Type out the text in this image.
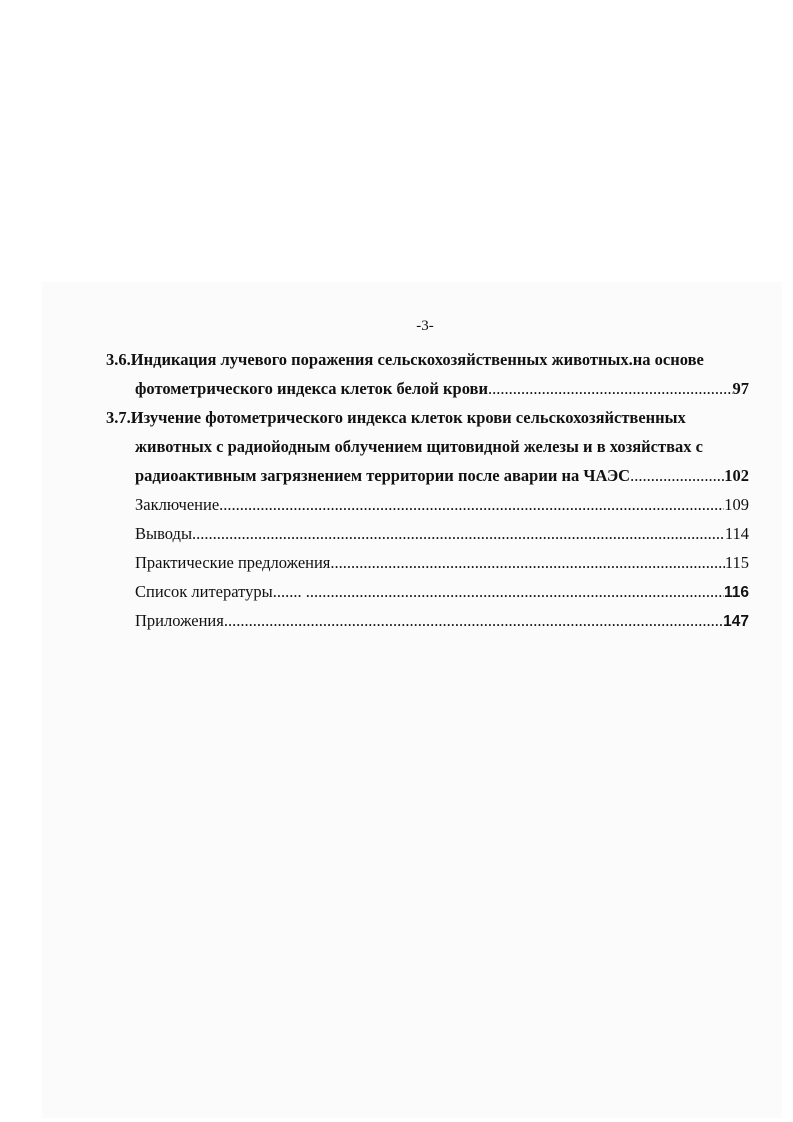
-3-
3.6. Индикация лучевого поражения сельскохозяйственных животных.на основе
фотометрического индекса клеток белой крови .....	97
3.7. Изучение фотометрического индекса клеток крови сельскохозяйственных
животных с радиойодным облучением щитовидной железы и в хозяйствах с
радиоактивным загрязнением территории после аварии на ЧАЭС .....	102
Заключение .....	109
Выводы .....	114
Практические предложения .....	115
Список литературы ....... .....	116
Приложения .....	147
